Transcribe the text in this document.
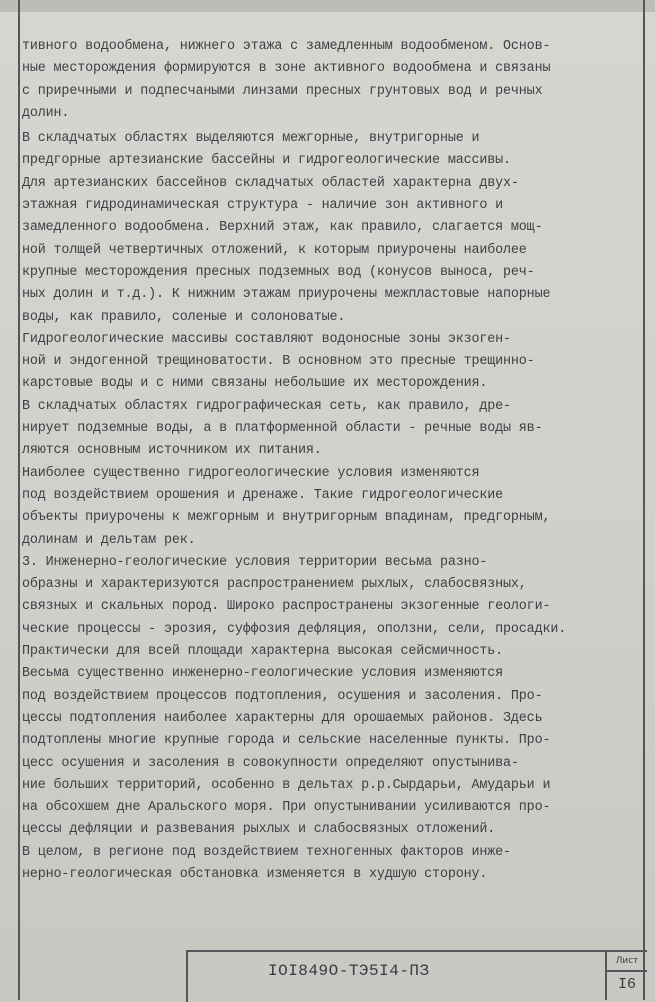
тивного водообмена, нижнего этажа с замедленным водообменом. Основ-
ные месторождения формируются в зоне активного водообмена и связаны
с приречными и подпесчаными линзами пресных грунтовых вод и речных
долин.
В складчатых областях выделяются межгорные, внутригорные и
предгорные артезианские бассейны и гидрогеологические массивы.
Для артезианских бассейнов складчатых областей характерна двух-
этажная гидродинамическая структура - наличие зон активного и
замедленного водообмена. Верхний этаж, как правило, слагается мощ-
ной толщей четвертичных отложений, к которым приурочены наиболее
крупные месторождения пресных подземных вод (конусов выноса, реч-
ных долин и т.д.). К нижним этажам приурочены межпластовые напорные
воды, как правило, соленые и солоноватые.
Гидрогеологические массивы составляют водоносные зоны экзоген-
ной и эндогенной трещиноватости. В основном это пресные трещинно-
карстовые воды и с ними связаны небольшие их месторождения.
В складчатых областях гидрографическая сеть, как правило, дре-
нирует подземные воды, а в платформенной области - речные воды яв-
ляются основным источником их питания.
Наиболее существенно гидрогеологические условия изменяются
под воздействием орошения и дренаже. Такие гидрогеологические
объекты приурочены к межгорным и внутригорным впадинам, предгорным,
долинам и дельтам рек.
3. Инженерно-геологические условия территории весьма разно-
образны и характеризуются распространением рыхлых, слабосвязных,
связных и скальных пород. Широко распространены экзогенные геологи-
ческие процессы - эрозия, суффозия дефляция, оползни, сели, просадки.
Практически для всей площади характерна высокая сейсмичность.
Весьма существенно инженерно-геологические условия изменяются
под воздействием процессов подтопления, осушения и засоления. Про-
цессы подтопления наиболее характерны для орошаемых районов. Здесь
подтоплены многие крупные города и сельские населенные пункты. Про-
цесс осушения и засоления в совокупности определяют опустынива-
ние больших территорий, особенно в дельтах р.р.Сырдарьи, Амударьи и
на обсохшем дне Аральского моря. При опустынивании усиливаются про-
цессы дефляции и развевания рыхлых и слабосвязных отложений.
В целом, в регионе под воздействием техногенных факторов инже-
нерно-геологическая обстановка изменяется в худшую сторону.
IOI849O-ТЭ5I4-ПЗ
Лист
I6
